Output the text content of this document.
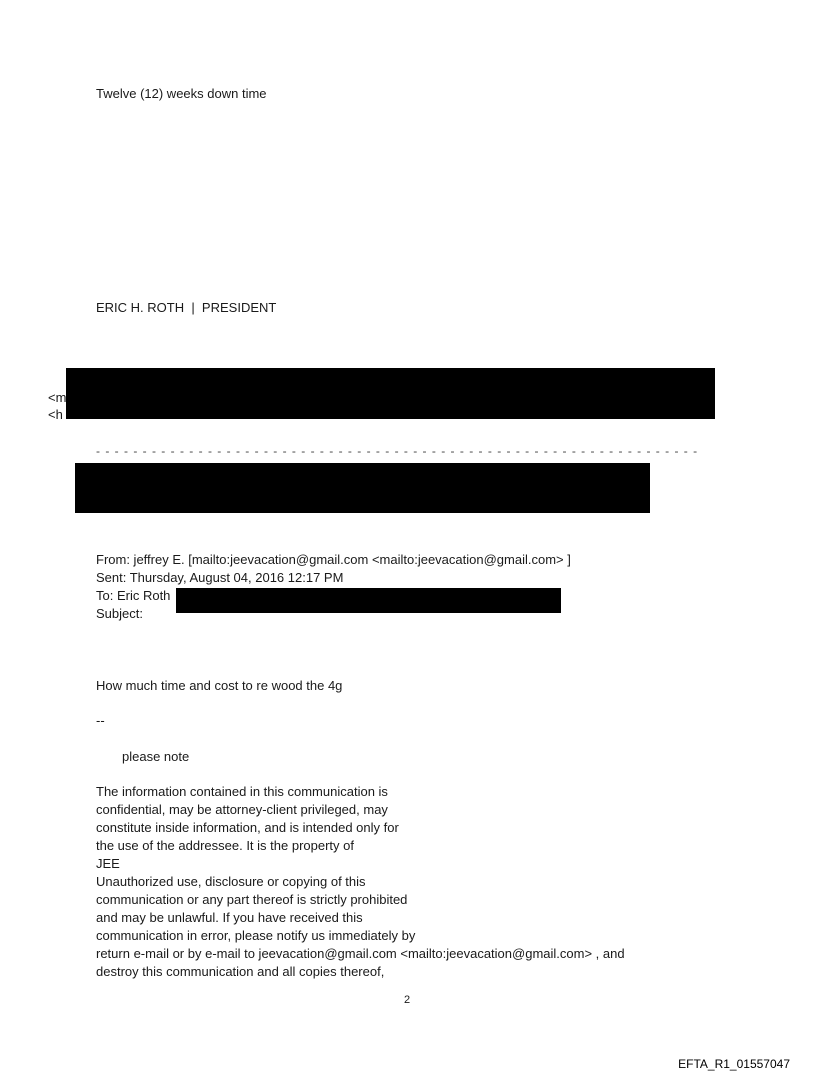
Twelve (12) weeks down time
ERIC H. ROTH  |  PRESIDENT
<m
<h
- - - - - - - - - - - - - - - - - - - - - - - - - - - - - - - - - - - - - - - - - - - - - - - - - - - - - - - - - - - - - - - - -
From: jeffrey E. [mailto:jeevacation@gmail.com <mailto:jeevacation@gmail.com> ]
Sent: Thursday, August 04, 2016 12:17 PM
To: Eric Roth
Subject:
How much time and cost to re wood the 4g
--
please note
The information contained in this communication is
confidential, may be attorney-client privileged, may
constitute inside information, and is intended only for
the use of the addressee. It is the property of
JEE
Unauthorized use, disclosure or copying of this
communication or any part thereof is strictly prohibited
and may be unlawful. If you have received this
communication in error, please notify us immediately by
return e-mail or by e-mail to jeevacation@gmail.com <mailto:jeevacation@gmail.com> , and
destroy this communication and all copies thereof,
2
EFTA_R1_01557047
